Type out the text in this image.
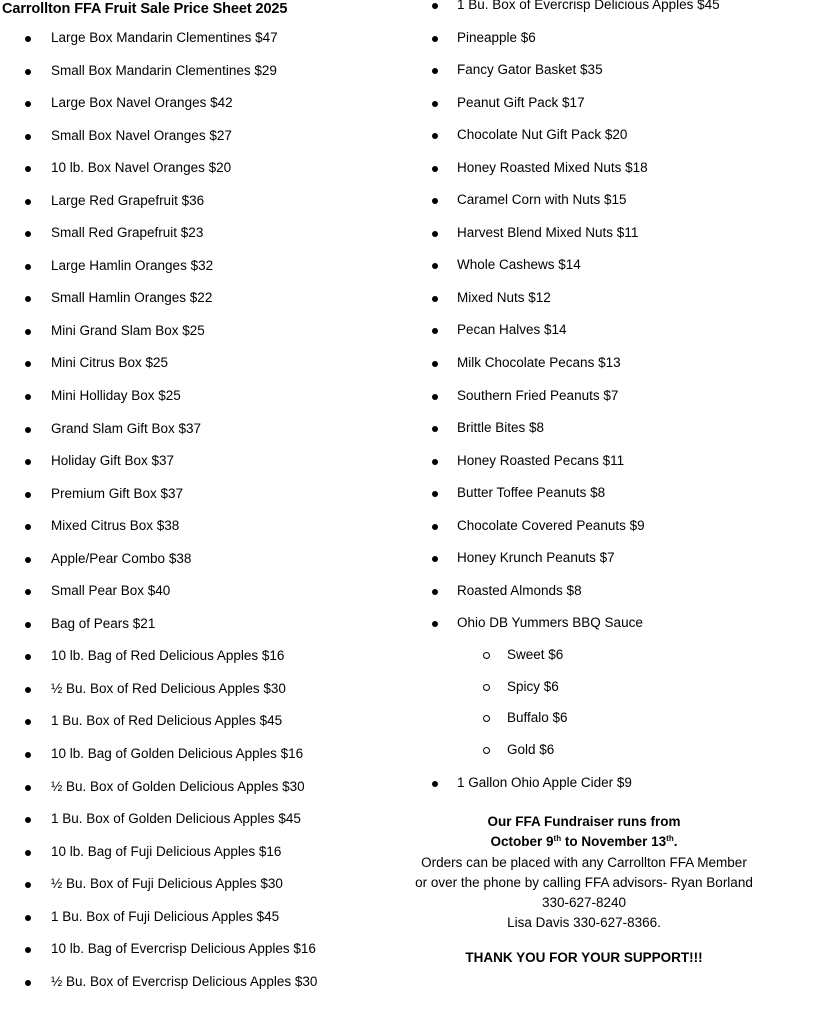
Carrollton FFA Fruit Sale Price Sheet 2025
Large Box Mandarin Clementines $47
Small Box Mandarin Clementines $29
Large Box Navel Oranges $42
Small Box Navel Oranges $27
10 lb. Box Navel Oranges $20
Large Red Grapefruit $36
Small Red Grapefruit $23
Large Hamlin Oranges $32
Small Hamlin Oranges $22
Mini Grand Slam Box $25
Mini Citrus Box $25
Mini Holliday Box $25
Grand Slam Gift Box $37
Holiday Gift Box $37
Premium Gift Box $37
Mixed Citrus Box $38
Apple/Pear Combo $38
Small Pear Box $40
Bag of Pears $21
10 lb. Bag of Red Delicious Apples $16
½ Bu. Box of Red Delicious Apples $30
1 Bu. Box of Red Delicious Apples $45
10 lb. Bag of Golden Delicious Apples $16
½ Bu. Box of Golden Delicious Apples $30
1 Bu. Box of Golden Delicious Apples $45
10 lb. Bag of Fuji Delicious Apples $16
½ Bu. Box of Fuji Delicious Apples $30
1 Bu. Box of Fuji Delicious Apples $45
10 lb. Bag of Evercrisp Delicious Apples $16
½ Bu. Box of Evercrisp Delicious Apples $30
1 Bu. Box of Evercrisp Delicious Apples $45
Pineapple $6
Fancy Gator Basket $35
Peanut Gift Pack $17
Chocolate Nut Gift Pack $20
Honey Roasted Mixed Nuts $18
Caramel Corn with Nuts $15
Harvest Blend Mixed Nuts $11
Whole Cashews $14
Mixed Nuts $12
Pecan Halves $14
Milk Chocolate Pecans $13
Southern Fried Peanuts $7
Brittle Bites $8
Honey Roasted Pecans $11
Butter Toffee Peanuts $8
Chocolate Covered Peanuts $9
Honey Krunch Peanuts $7
Roasted Almonds $8
Ohio DB Yummers BBQ Sauce
Sweet $6
Spicy $6
Buffalo $6
Gold $6
1 Gallon Ohio Apple Cider $9
Our FFA Fundraiser runs from
October 9th to November 13th.
Orders can be placed with any Carrollton FFA Member
or over the phone by calling FFA advisors- Ryan Borland
330-627-8240
Lisa Davis 330-627-8366.
THANK YOU FOR YOUR SUPPORT!!!
